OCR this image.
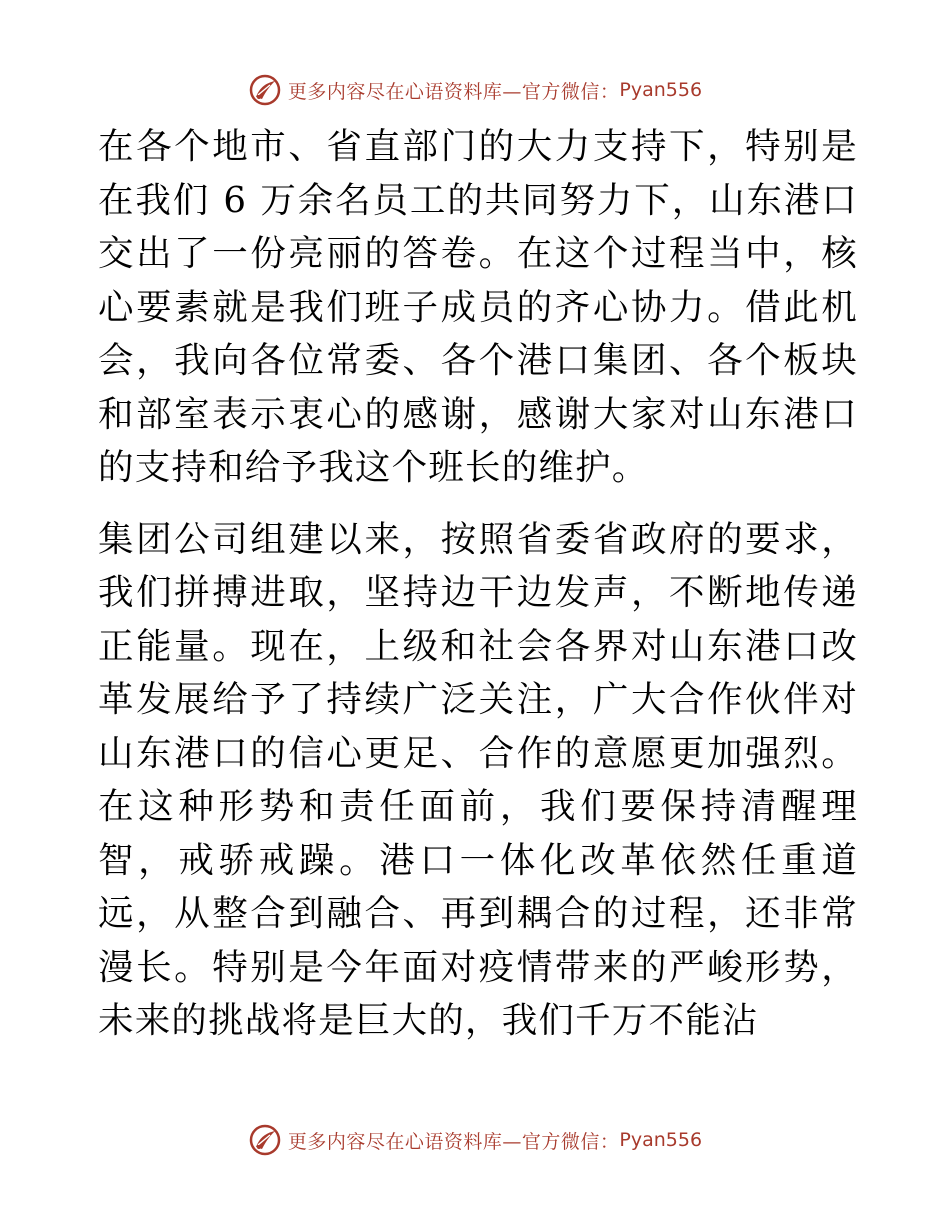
更多内容尽在心语资料库—官方微信： Pyan556

在各个地市、省直部门的大力支持下，特别是在我们 6 万余名员工的共同努力下，山东港口交出了一份亮丽的答卷。在这个过程当中，核心要素就是我们班子成员的齐心协力。借此机会，我向各位常委、各个港口集团、各个板块和部室表示衷心的感谢，感谢大家对山东港口的支持和给予我这个班长的维护。

集团公司组建以来，按照省委省政府的要求，我们拼搏进取，坚持边干边发声，不断地传递正能量。现在，上级和社会各界对山东港口改革发展给予了持续广泛关注，广大合作伙伴对山东港口的信心更足、合作的意愿更加强烈。在这种形势和责任面前，我们要保持清醒理智，戒骄戒躁。港口一体化改革依然任重道远，从整合到融合、再到耦合的过程，还非常漫长。特别是今年面对疫情带来的严峻形势，未来的挑战将是巨大的，我们千万不能沾

更多内容尽在心语资料库—官方微信： Pyan556
